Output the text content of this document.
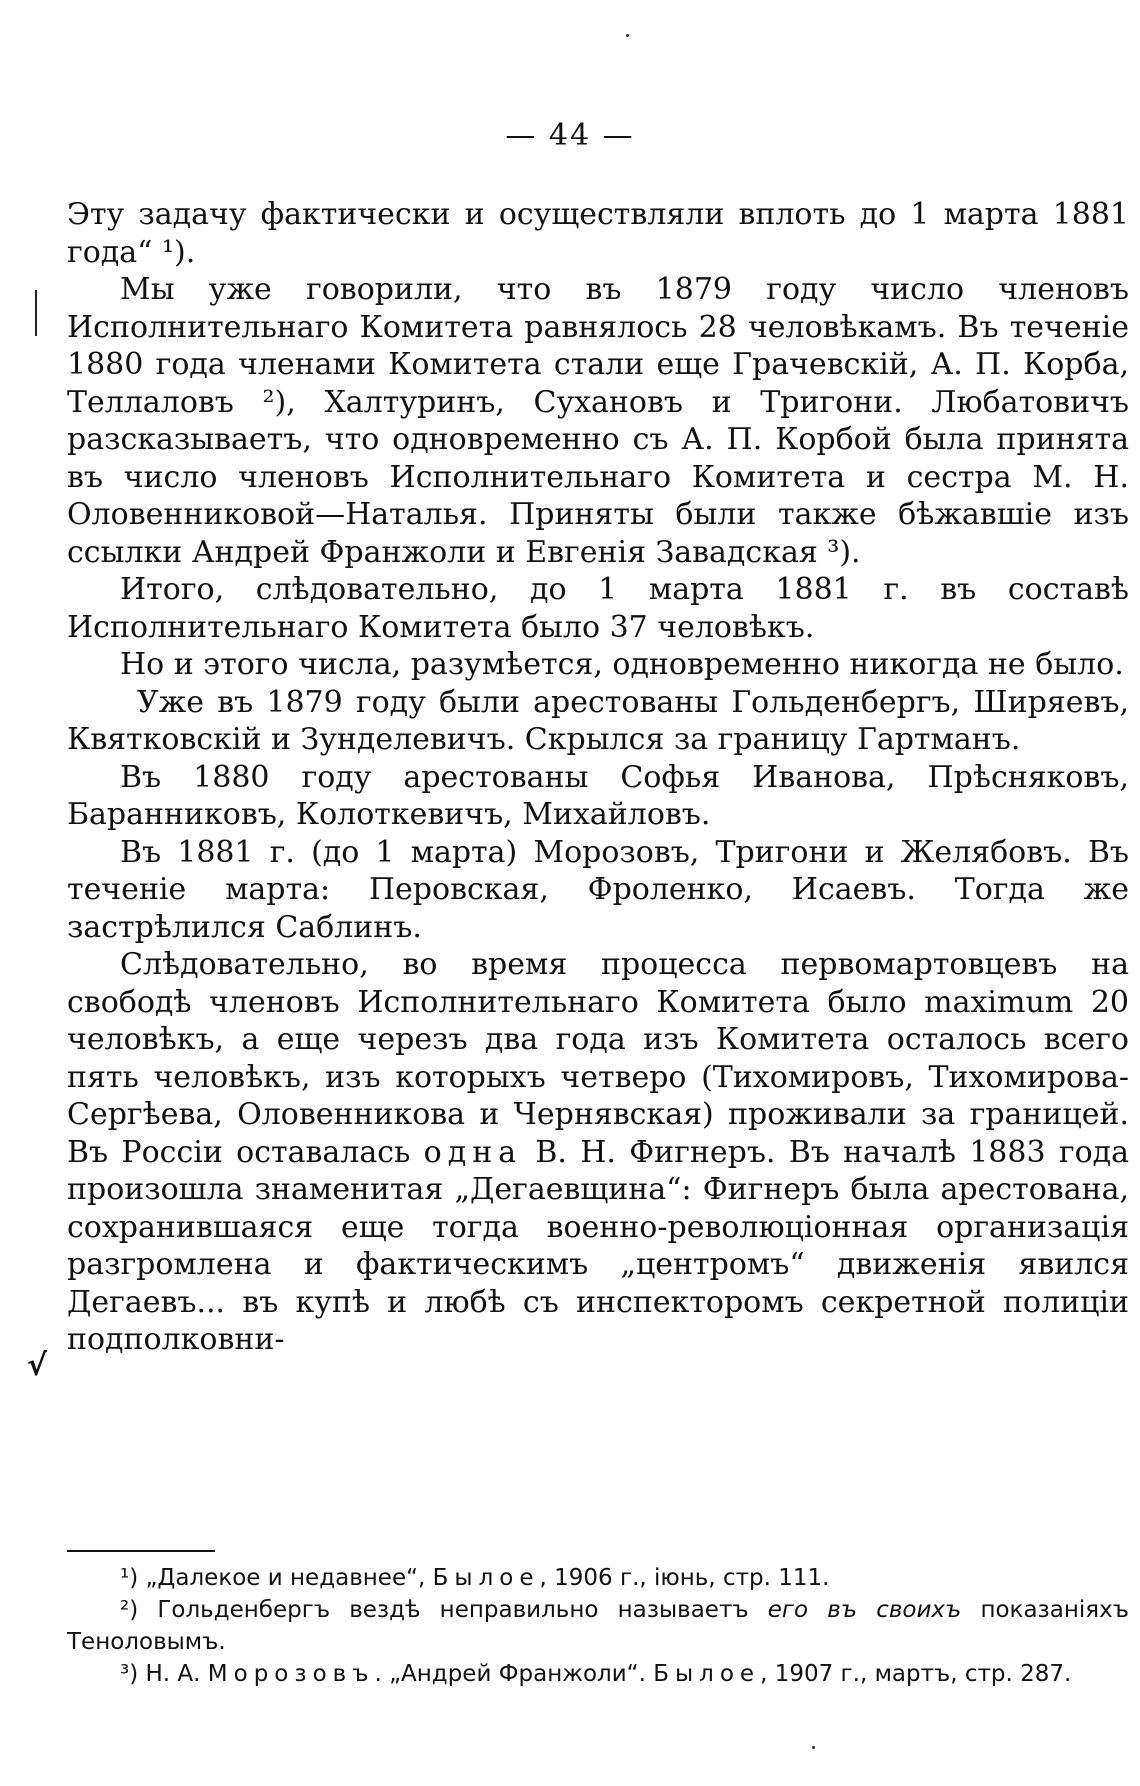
— 44 —
√

Эту задачу фактически и осуществляли вплоть до 1 марта 1881 года“ ¹).

Мы уже говорили, что въ 1879 году число членовъ Исполнительнаго Комитета равнялось 28 человѣкамъ. Въ теченіе 1880 года членами Комитета стали еще Грачевскій, А. П. Корба, Теллаловъ ²), Халтуринъ, Сухановъ и Тригони. Любатовичъ разсказываетъ, что одновременно съ А. П. Корбой была принята въ число членовъ Исполнительнаго Комитета и сестра М. Н. Оловенниковой—Наталья. Приняты были также бѣжавшіе изъ ссылки Андрей Франжоли и Евгенія Завадская ³).

Итого, слѣдовательно, до 1 марта 1881 г. въ составѣ Исполнительнаго Комитета было 37 человѣкъ.

Но и этого числа, разумѣется, одновременно никогда не было.

Уже въ 1879 году были арестованы Гольденбергъ, Ширяевъ, Квятковскій и Зунделевичъ. Скрылся за границу Гартманъ.

Въ 1880 году арестованы Софья Иванова, Прѣсняковъ, Баранниковъ, Колоткевичъ, Михайловъ.

Въ 1881 г. (до 1 марта) Морозовъ, Тригони и Желябовъ. Въ теченіе марта: Перовская, Фроленко, Исаевъ. Тогда же застрѣлился Саблинъ.

Слѣдовательно, во время процесса первомартовцевъ на свободѣ членовъ Исполнительнаго Комитета было maximum 20 человѣкъ, а еще черезъ два года изъ Комитета осталось всего пять человѣкъ, изъ которыхъ четверо (Тихомировъ, Тихомирова-Сергѣева, Оловенникова и Чернявская) проживали за границей. Въ Россіи оставалась одна В. Н. Фигнеръ. Въ началѣ 1883 года произошла знаменитая „Дегаевщина“: Фигнеръ была арестована, сохранившаяся еще тогда военно-революціонная организація разгромлена и фактическимъ „центромъ“ движенія явился Дегаевъ... въ купѣ и любѣ съ инспекторомъ секретной полиціи подполковни-

¹) „Далекое и недавнее“, Былое, 1906 г., іюнь, стр. 111.

²) Гольденбергъ вездѣ неправильно называетъ его въ своихъ показаніяхъ Теноловымъ.

³) Н. А. Морозовъ. „Андрей Франжоли“. Былое, 1907 г., мартъ, стр. 287.
